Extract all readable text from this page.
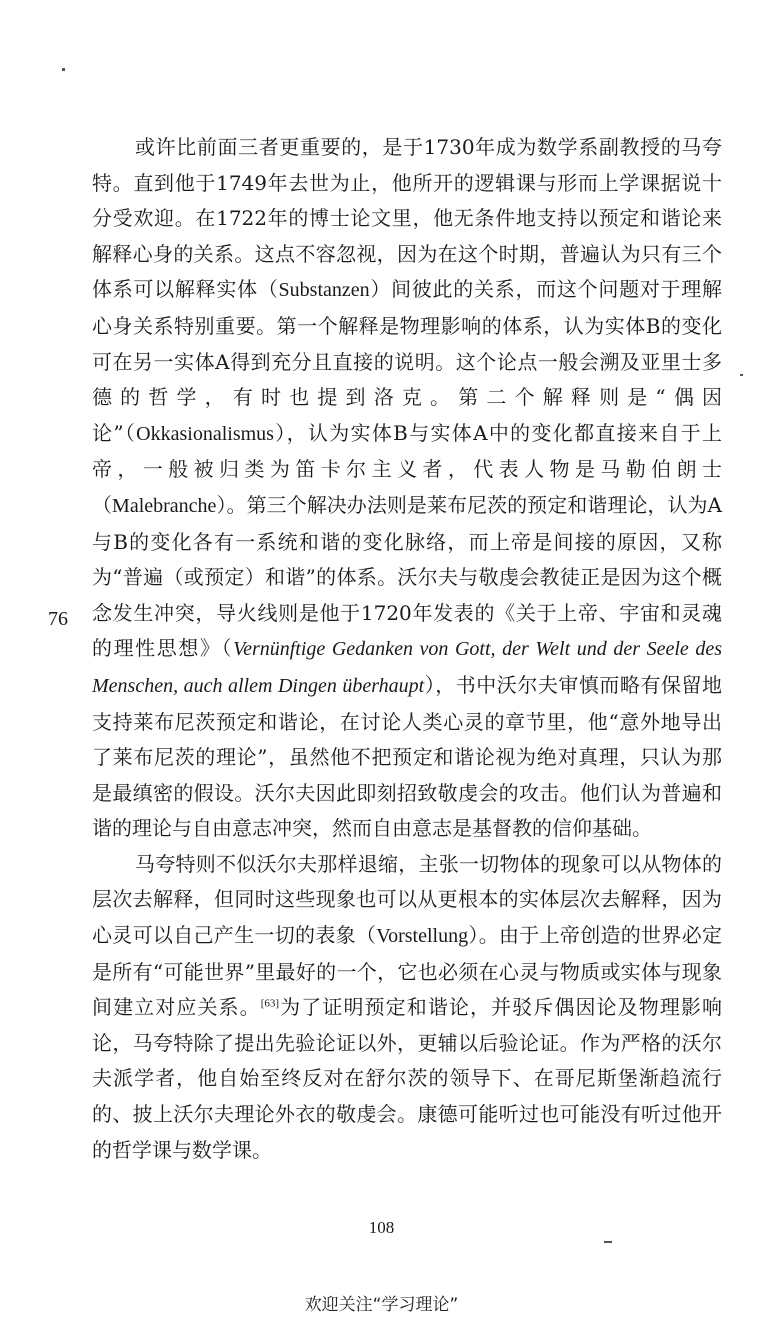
或许比前面三者更重要的，是于1730年成为数学系副教授的马夸特。直到他于1749年去世为止，他所开的逻辑课与形而上学课据说十分受欢迎。在1722年的博士论文里，他无条件地支持以预定和谐论来解释心身的关系。这点不容忽视，因为在这个时期，普遍认为只有三个体系可以解释实体（Substanzen）间彼此的关系，而这个问题对于理解心身关系特别重要。第一个解释是物理影响的体系，认为实体B的变化可在另一实体A得到充分且直接的说明。这个论点一般会溯及亚里士多德的哲学，有时也提到洛克。第二个解释则是“偶因论”（Okkasionalismus），认为实体B与实体A中的变化都直接来自于上帝，一般被归类为笛卡尔主义者，代表人物是马勒伯朗士（Malebranche）。第三个解决办法则是莱布尼茨的预定和谐理论，认为A与B的变化各有一系统和谐的变化脉络，而上帝是间接的原因，又称为“普遍（或预定）和谐”的体系。沃尔夫与敬虔会教徒正是因为这个概念发生冲突，导火线则是他于1720年发表的《关于上帝、宇宙和灵魂的理性思想》（Vernünftige Gedanken von Gott, der Welt und der Seele des Menschen, auch allem Dingen überhaupt），书中沃尔夫审慎而略有保留地支持莱布尼茨预定和谐论，在讨论人类心灵的章节里，他“意外地导出了莱布尼茨的理论”，虽然他不把预定和谐论视为绝对真理，只认为那是最缜密的假设。沃尔夫因此即刻招致敬虔会的攻击。他们认为普遍和谐的理论与自由意志冲突，然而自由意志是基督教的信仰基础。

马夸特则不似沃尔夫那样退缩，主张一切物体的现象可以从物体的层次去解释，但同时这些现象也可以从更根本的实体层次去解释，因为心灵可以自己产生一切的表象（Vorstellung）。由于上帝创造的世界必定是所有“可能世界”里最好的一个，它也必须在心灵与物质或实体与现象间建立对应关系。[63]为了证明预定和谐论，并驳斥偶因论及物理影响论，马夸特除了提出先验论证以外，更辅以后验论证。作为严格的沃尔夫派学者，他自始至终反对在舒尔茨的领导下、在哥尼斯堡渐趋流行的、披上沃尔夫理论外衣的敬虔会。康德可能听过也可能没有听过他开的哲学课与数学课。

76
108
欢迎关注“学习理论”
